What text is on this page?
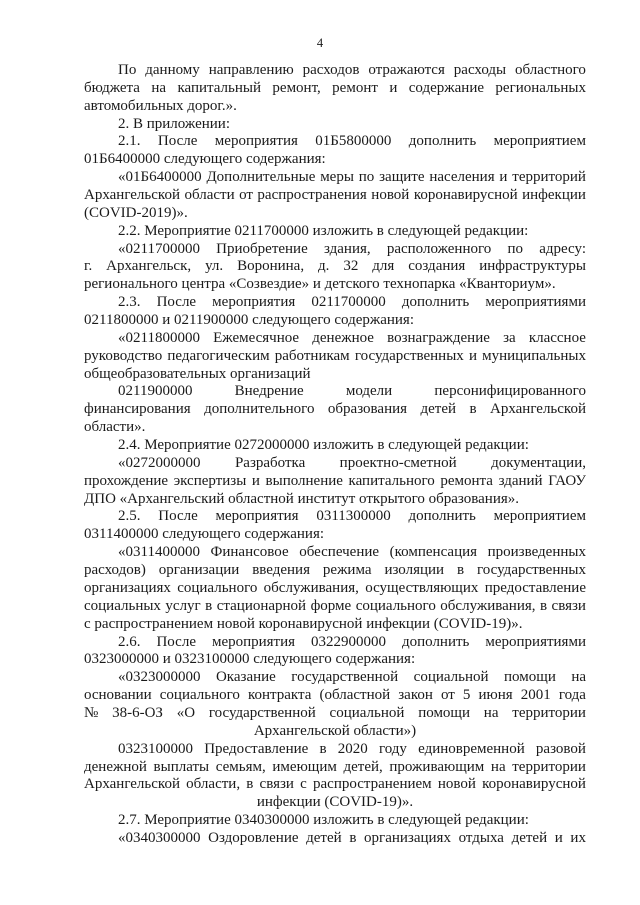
4
По данному направлению расходов отражаются расходы областного
бюджета на капитальный ремонт, ремонт и содержание региональных
автомобильных дорог.».
2. В приложении:
2.1. После мероприятия 01Б5800000 дополнить мероприятием
01Б6400000 следующего содержания:
«01Б6400000 Дополнительные меры по защите населения и территорий
Архангельской области от распространения новой коронавирусной инфекции
(COVID-2019)».
2.2. Мероприятие 0211700000 изложить в следующей редакции:
«0211700000 Приобретение здания, расположенного по адресу:
г. Архангельск, ул. Воронина, д. 32 для создания инфраструктуры
регионального центра «Созвездие» и детского технопарка «Кванториум».
2.3. После мероприятия 0211700000 дополнить мероприятиями
0211800000 и 0211900000 следующего содержания:
«0211800000 Ежемесячное денежное вознаграждение за классное
руководство педагогическим работникам государственных и муниципальных
общеобразовательных организаций
0211900000	Внедрение	модели	персонифицированного
финансирования дополнительного образования детей в Архангельской
области».
2.4. Мероприятие 0272000000 изложить в следующей редакции:
«0272000000 Разработка проектно-сметной документации,
прохождение экспертизы и выполнение капитального ремонта зданий ГАОУ
ДПО «Архангельский областной институт открытого образования».
2.5. После мероприятия 0311300000 дополнить мероприятием
0311400000 следующего содержания:
«0311400000 Финансовое обеспечение (компенсация произведенных
расходов) организации введения режима изоляции в государственных
организациях социального обслуживания, осуществляющих предоставление
социальных услуг в стационарной форме социального обслуживания, в связи
с распространением новой коронавирусной инфекции (COVID-19)».
2.6. После мероприятия 0322900000 дополнить мероприятиями
0323000000 и 0323100000 следующего содержания:
«0323000000 Оказание государственной социальной помощи на
основании социального контракта (областной закон от 5 июня 2001 года
№ 38-6-ОЗ «О государственной социальной помощи на территории
Архангельской области»)
0323100000 Предоставление в 2020 году единовременной разовой
денежной выплаты семьям, имеющим детей, проживающим на территории
Архангельской области, в связи с распространением новой коронавирусной
инфекции (COVID-19)».
2.7. Мероприятие 0340300000 изложить в следующей редакции:
«0340300000 Оздоровление детей в организациях отдыха детей и их
